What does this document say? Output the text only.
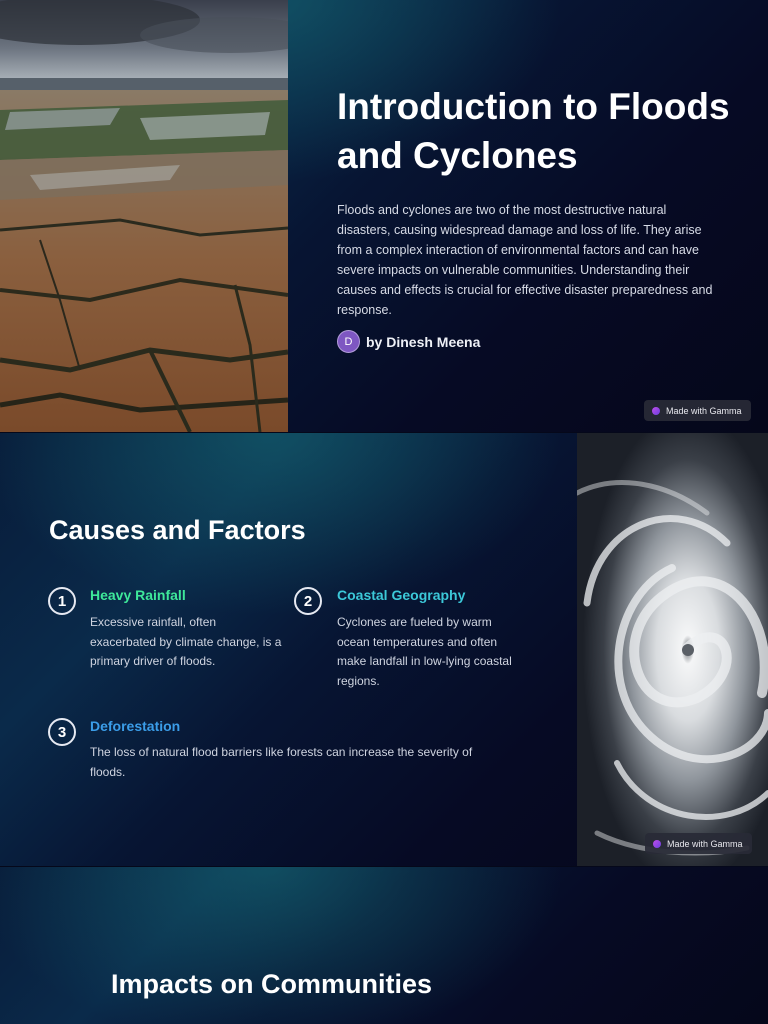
Introduction to Floods and Cyclones

Floods and cyclones are two of the most destructive natural disasters, causing widespread damage and loss of life. They arise from a complex interaction of environmental factors and can have severe impacts on vulnerable communities. Understanding their causes and effects is crucial for effective disaster preparedness and response.

D by Dinesh Meena
Made with Gamma
Causes and Factors
1	Heavy Rainfall

Excessive rainfall, often exacerbated by climate change, is a primary driver of floods.

2	Coastal Geography

Cyclones are fueled by warm ocean temperatures and often make landfall in low-lying coastal regions.

3	Deforestation

The loss of natural flood barriers like forests can increase the severity of floods.

Made with Gamma
Impacts on Communities
